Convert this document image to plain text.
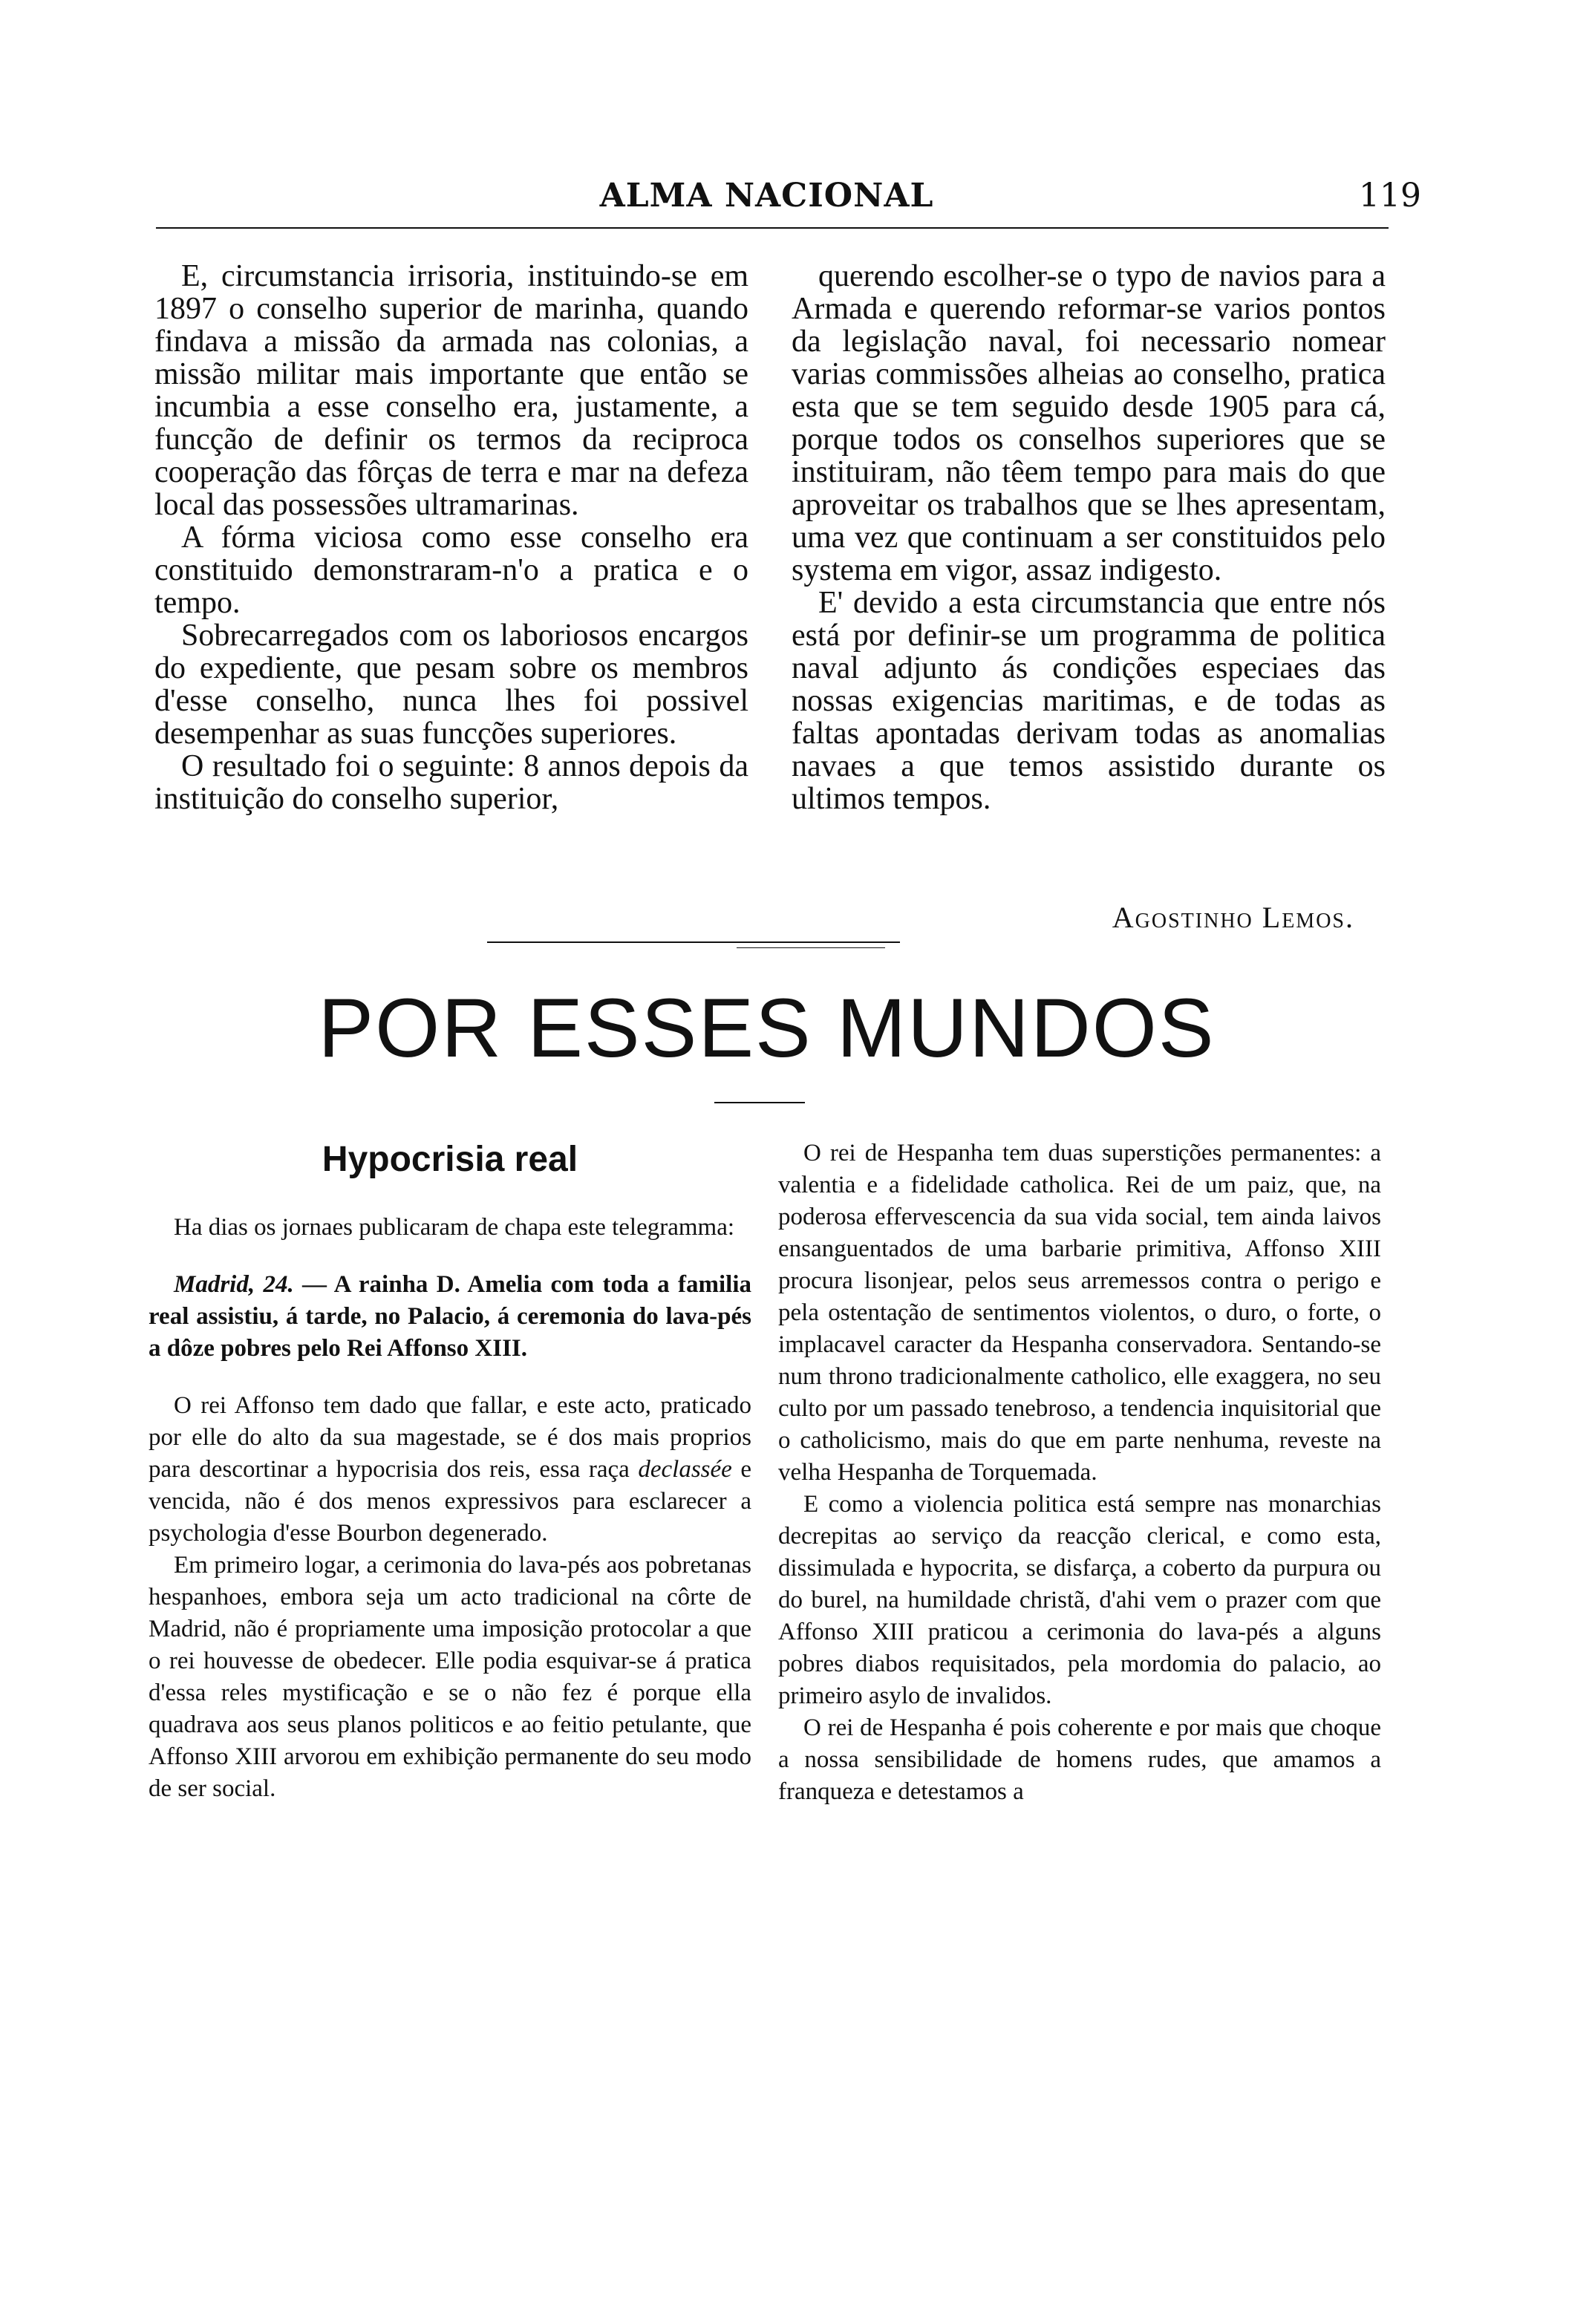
ALMA NACIONAL	119

E, circumstancia irrisoria, instituindo-se em 1897 o conselho superior de marinha, quando findava a missão da armada nas colonias, a missão militar mais importante que então se incumbia a esse conselho era, justamente, a funcção de definir os termos da reciproca cooperação das fôrças de terra e mar na defeza local das possessões ultramarinas.

A fórma viciosa como esse conselho era constituido demonstraram-n'o a pratica e o tempo.

Sobrecarregados com os laboriosos encargos do expediente, que pesam sobre os membros d'esse conselho, nunca lhes foi possivel desempenhar as suas funcções superiores.

O resultado foi o seguinte: 8 annos depois da instituição do conselho superior,

querendo escolher-se o typo de navios para a Armada e querendo reformar-se varios pontos da legislação naval, foi necessario nomear varias commissões alheias ao conselho, pratica esta que se tem seguido desde 1905 para cá, porque todos os conselhos superiores que se instituiram, não têem tempo para mais do que aproveitar os trabalhos que se lhes apresentam, uma vez que continuam a ser constituidos pelo systema em vigor, assaz indigesto.

E' devido a esta circumstancia que entre nós está por definir-se um programma de politica naval adjunto ás condições especiaes das nossas exigencias maritimas, e de todas as faltas apontadas derivam todas as anomalias navaes a que temos assistido durante os ultimos tempos.

Agostinho Lemos.
POR ESSES MUNDOS

Hypocrisia real

Ha dias os jornaes publicaram de chapa este telegramma:

Madrid, 24. — A rainha D. Amelia com toda a familia real assistiu, á tarde, no Palacio, á ceremonia do lava-pés a dôze pobres pelo Rei Affonso XIII.

O rei Affonso tem dado que fallar, e este acto, praticado por elle do alto da sua magestade, se é dos mais proprios para descortinar a hypocrisia dos reis, essa raça declassée e vencida, não é dos menos expressivos para esclarecer a psychologia d'esse Bourbon degenerado.

Em primeiro logar, a cerimonia do lava-pés aos pobretanas hespanhoes, embora seja um acto tradicional na côrte de Madrid, não é propriamente uma imposição protocolar a que o rei houvesse de obedecer. Elle podia esquivar-se á pratica d'essa reles mystificação e se o não fez é porque ella quadrava aos seus planos politicos e ao feitio petulante, que Affonso XIII arvorou em exhibição permanente do seu modo de ser social.

O rei de Hespanha tem duas superstições permanentes: a valentia e a fidelidade catholica. Rei de um paiz, que, na poderosa effervescencia da sua vida social, tem ainda laivos ensanguentados de uma barbarie primitiva, Affonso XIII procura lisonjear, pelos seus arremessos contra o perigo e pela ostentação de sentimentos violentos, o duro, o forte, o implacavel caracter da Hespanha conservadora. Sentando-se num throno tradicionalmente catholico, elle exaggera, no seu culto por um passado tenebroso, a tendencia inquisitorial que o catholicismo, mais do que em parte nenhuma, reveste na velha Hespanha de Torquemada.

E como a violencia politica está sempre nas monarchias decrepitas ao serviço da reacção clerical, e como esta, dissimulada e hypocrita, se disfarça, a coberto da purpura ou do burel, na humildade christã, d'ahi vem o prazer com que Affonso XIII praticou a cerimonia do lava-pés a alguns pobres diabos requisitados, pela mordomia do palacio, ao primeiro asylo de invalidos.

O rei de Hespanha é pois coherente e por mais que choque a nossa sensibilidade de homens rudes, que amamos a franqueza e detestamos a
